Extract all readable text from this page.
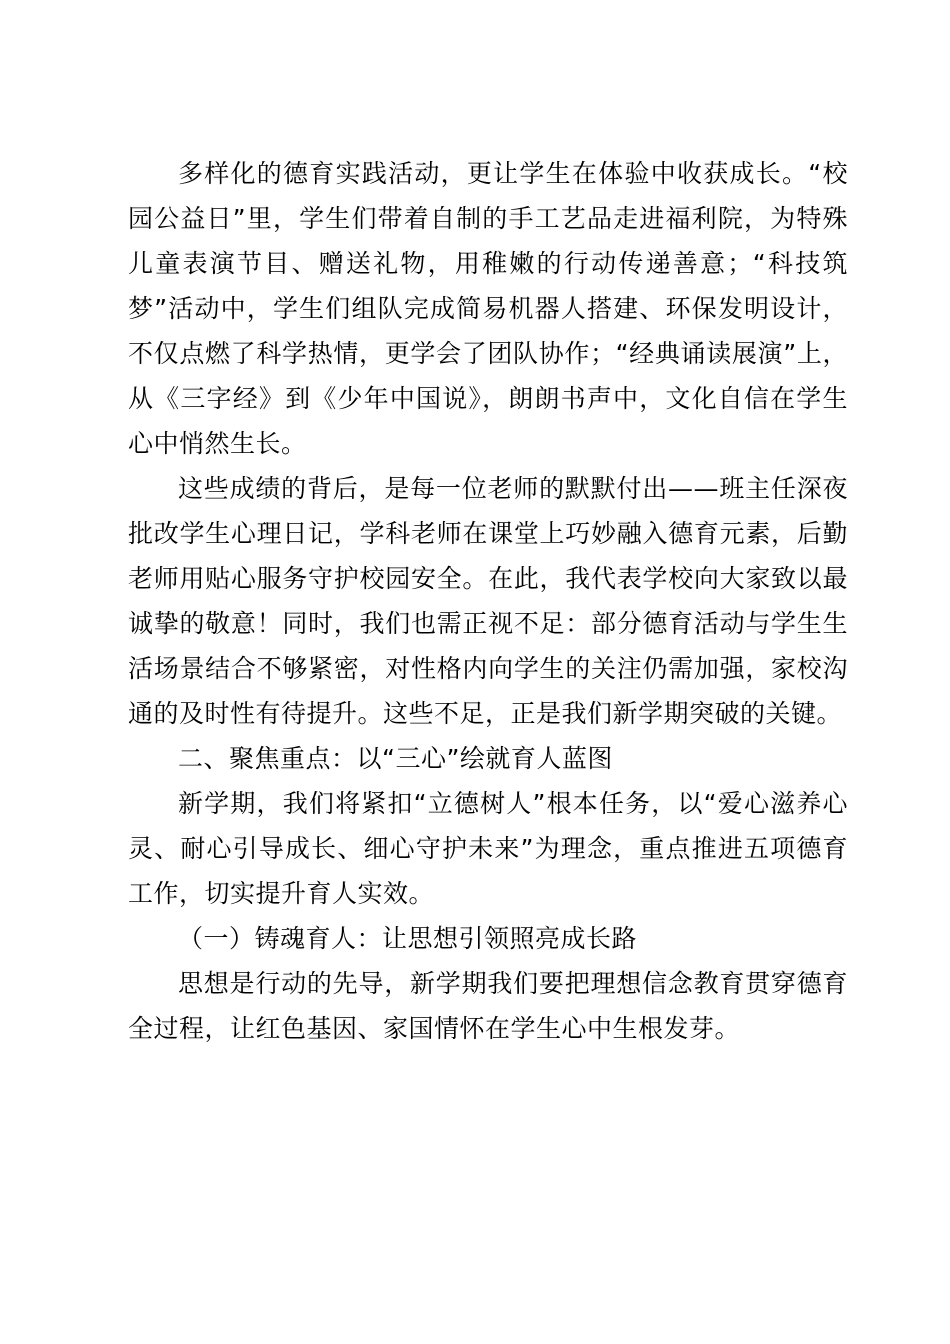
多样化的德育实践活动，更让学生在体验中收获成长。“校园公益日”里，学生们带着自制的手工艺品走进福利院，为特殊儿童表演节目、赠送礼物，用稚嫩的行动传递善意；“科技筑梦”活动中，学生们组队完成简易机器人搭建、环保发明设计，不仅点燃了科学热情，更学会了团队协作；“经典诵读展演”上，从《三字经》到《少年中国说》，朗朗书声中，文化自信在学生心中悄然生长。

这些成绩的背后，是每一位老师的默默付出——班主任深夜批改学生心理日记，学科老师在课堂上巧妙融入德育元素，后勤老师用贴心服务守护校园安全。在此，我代表学校向大家致以最诚挚的敬意！同时，我们也需正视不足：部分德育活动与学生生活场景结合不够紧密，对性格内向学生的关注仍需加强，家校沟通的及时性有待提升。这些不足，正是我们新学期突破的关键。

二、聚焦重点：以“三心”绘就育人蓝图

新学期，我们将紧扣“立德树人”根本任务，以“爱心滋养心灵、耐心引导成长、细心守护未来”为理念，重点推进五项德育工作，切实提升育人实效。

（一）铸魂育人：让思想引领照亮成长路

思想是行动的先导，新学期我们要把理想信念教育贯穿德育全过程，让红色基因、家国情怀在学生心中生根发芽。
